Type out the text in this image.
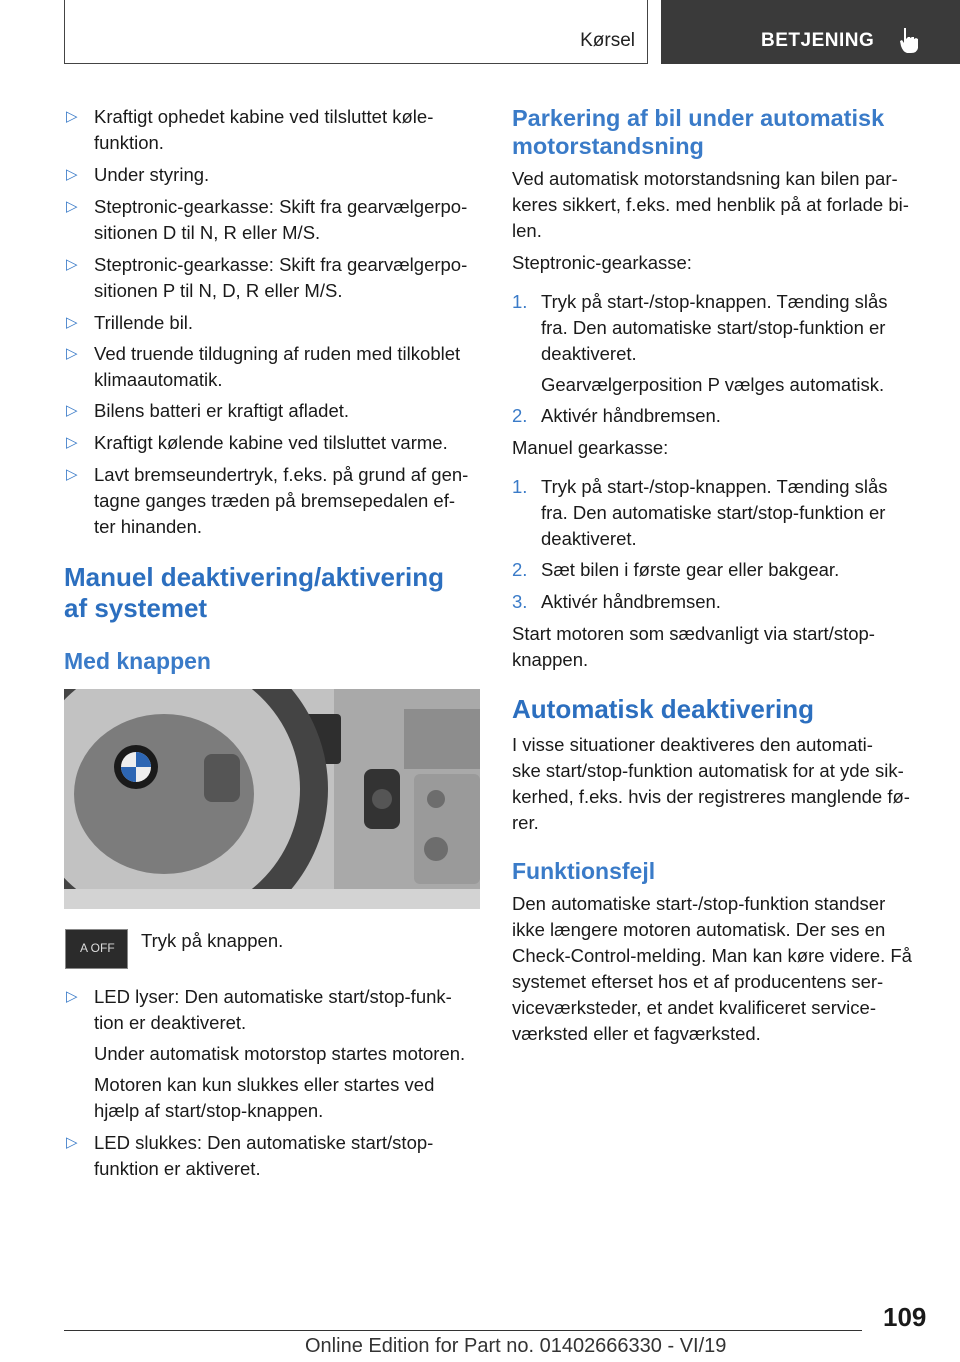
Kørsel	BETJENING
▷ Kraftigt ophedet kabine ved tilsluttet køle-
funktion.
▷ Under styring.
▷ Steptronic-gearkasse: Skift fra gearvælgerpo-
sitionen D til N, R eller M/S.
▷ Steptronic-gearkasse: Skift fra gearvælgerpo-
sitionen P til N, D, R eller M/S.
▷ Trillende bil.
▷ Ved truende tildugning af ruden med tilkoblet
klimaautomatik.
▷ Bilens batteri er kraftigt afladet.
▷ Kraftigt kølende kabine ved tilsluttet varme.
▷ Lavt bremseundertryk, f.eks. på grund af gen-
tagne ganges træden på bremsepedalen ef-
ter hinanden.
Manuel deaktivering/aktivering
af systemet
Med knappen
A OFF Tryk på knappen.
▷ LED lyser: Den automatiske start/stop-funk-
tion er deaktiveret.
Under automatisk motorstop startes motoren.
Motoren kan kun slukkes eller startes ved
hjælp af start/stop-knappen.
▷ LED slukkes: Den automatiske start/stop-
funktion er aktiveret.
Parkering af bil under automatisk
motorstandsning
Ved automatisk motorstandsning kan bilen par-
keres sikkert, f.eks. med henblik på at forlade bi-
len.
Steptronic-gearkasse:
1. Tryk på start-/stop-knappen. Tænding slås
fra. Den automatiske start/stop-funktion er
deaktiveret.
Gearvælgerposition P vælges automatisk.
2. Aktivér håndbremsen.
Manuel gearkasse:
1. Tryk på start-/stop-knappen. Tænding slås
fra. Den automatiske start/stop-funktion er
deaktiveret.
2. Sæt bilen i første gear eller bakgear.
3. Aktivér håndbremsen.
Start motoren som sædvanligt via start/stop-
knappen.
Automatisk deaktivering
I visse situationer deaktiveres den automati-
ske start/stop-funktion automatisk for at yde sik-
kerhed, f.eks. hvis der registreres manglende fø-
rer.
Funktionsfejl
Den automatiske start-/stop-funktion standser
ikke længere motoren automatisk. Der ses en
Check-Control-melding. Man kan køre videre. Få
systemet efterset hos et af producentens ser-
viceværksteder, et andet kvalificeret service-
værksted eller et fagværksted.
109
Online Edition for Part no. 01402666330 - VI/19
